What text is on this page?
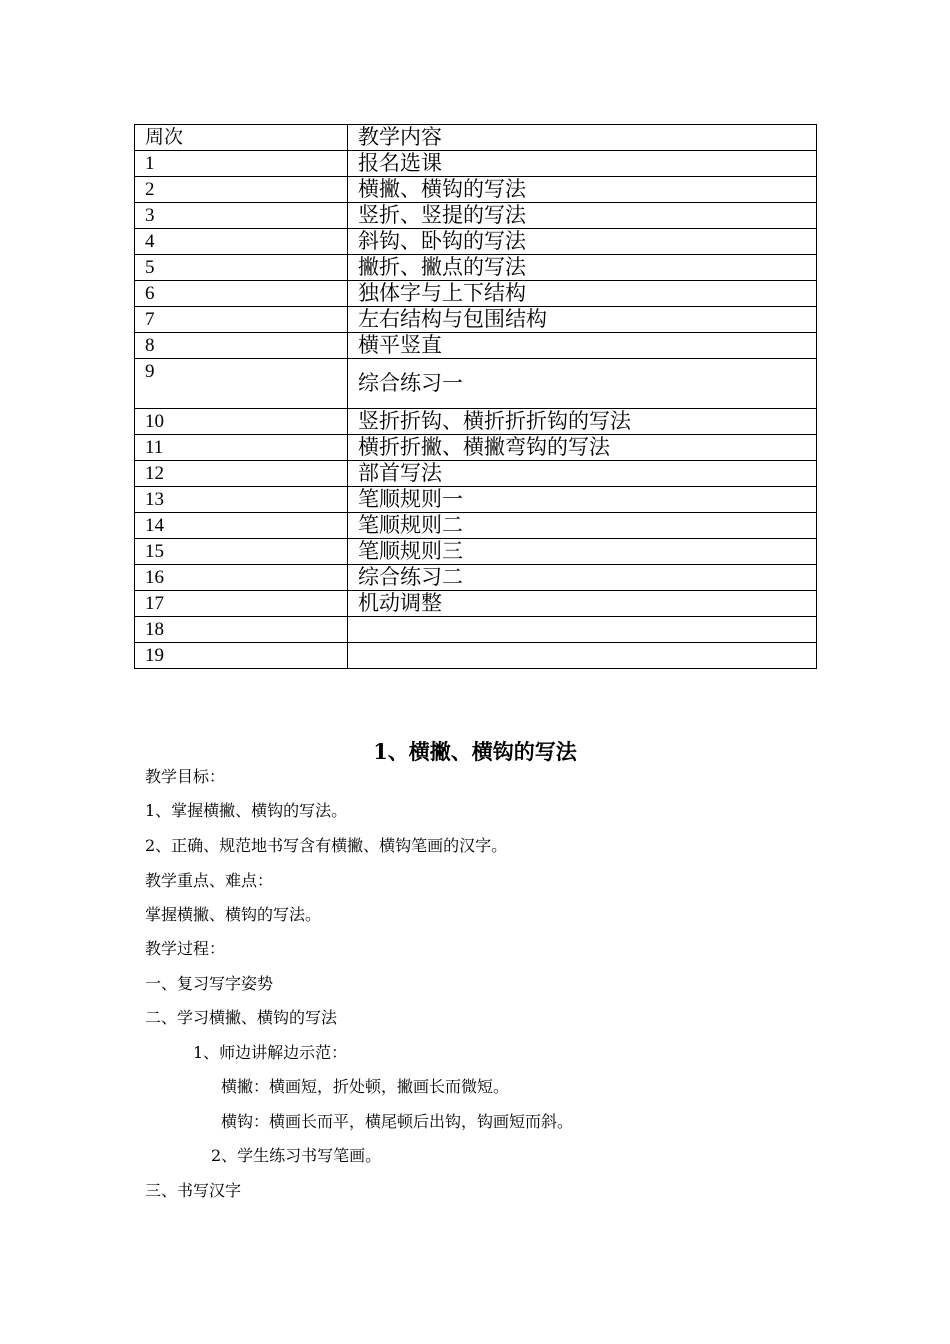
周次	教学内容
1	报名选课
2	横撇、横钩的写法
3	竖折、竖提的写法
4	斜钩、卧钩的写法
5	撇折、撇点的写法
6	独体字与上下结构
7	左右结构与包围结构
8	横平竖直
9	综合练习一
10	竖折折钩、横折折折钩的写法
11	横折折撇、横撇弯钩的写法
12	部首写法
13	笔顺规则一
14	笔顺规则二
15	笔顺规则三
16	综合练习二
17	机动调整
18	
19	
1、横撇、横钩的写法

教学目标：

1、掌握横撇、横钩的写法。

2、正确、规范地书写含有横撇、横钩笔画的汉字。

教学重点、难点：

掌握横撇、横钩的写法。

教学过程：

一、复习写字姿势

二、学习横撇、横钩的写法

1、师边讲解边示范：

横撇：横画短，折处顿，撇画长而微短。

横钩：横画长而平，横尾顿后出钩，钩画短而斜。

2、学生练习书写笔画。

三、书写汉字
